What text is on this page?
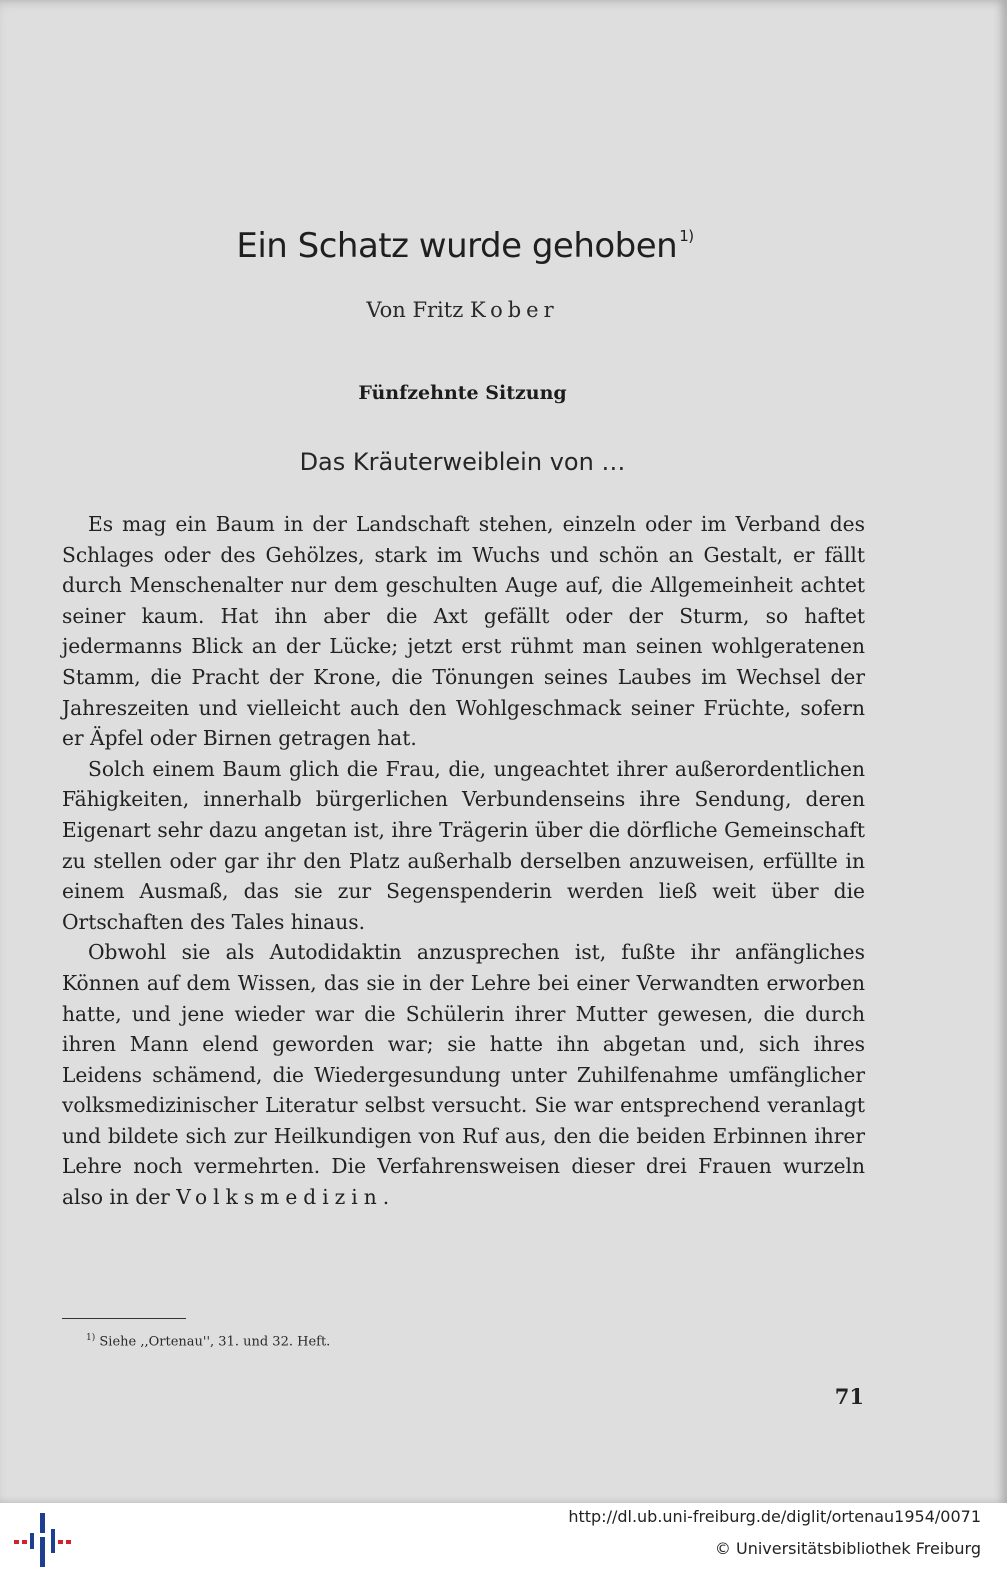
Ein Schatz wurde gehoben $^{1)}$
Von Fritz Kober
Fünfzehnte Sitzung
Das Kräuterweiblein von …

Es mag ein Baum in der Landschaft stehen, einzeln oder im Verband des Schlages oder des Gehölzes, stark im Wuchs und schön an Gestalt, er fällt durch Menschenalter nur dem geschulten Auge auf, die Allgemeinheit achtet seiner kaum. Hat ihn aber die Axt gefällt oder der Sturm, so haftet jedermanns Blick an der Lücke; jetzt erst rühmt man seinen wohlgeratenen Stamm, die Pracht der Krone, die Tönungen seines Laubes im Wechsel der Jahreszeiten und vielleicht auch den Wohlgeschmack seiner Früchte, sofern er Äpfel oder Birnen getragen hat.

Solch einem Baum glich die Frau, die, ungeachtet ihrer außerordentlichen Fähigkeiten, innerhalb bürgerlichen Verbundenseins ihre Sendung, deren Eigenart sehr dazu angetan ist, ihre Trägerin über die dörfliche Gemeinschaft zu stellen oder gar ihr den Platz außerhalb derselben anzuweisen, erfüllte in einem Ausmaß, das sie zur Segenspenderin werden ließ weit über die Ortschaften des Tales hinaus.

Obwohl sie als Autodidaktin anzusprechen ist, fußte ihr anfängliches Können auf dem Wissen, das sie in der Lehre bei einer Verwandten erworben hatte, und jene wieder war die Schülerin ihrer Mutter gewesen, die durch ihren Mann elend geworden war; sie hatte ihn abgetan und, sich ihres Leidens schämend, die Wiedergesundung unter Zuhilfenahme umfänglicher volksmedizinischer Literatur selbst versucht. Sie war entsprechend veranlagt und bildete sich zur Heilkundigen von Ruf aus, den die beiden Erbinnen ihrer Lehre noch vermehrten. Die Verfahrensweisen dieser drei Frauen wurzeln also in der Volksmedizin.

$^{1)}$ Siehe ,,Ortenau'', 31. und 32. Heft.
71
http://dl.ub.uni-freiburg.de/diglit/ortenau1954/0071
© Universitätsbibliothek Freiburg
